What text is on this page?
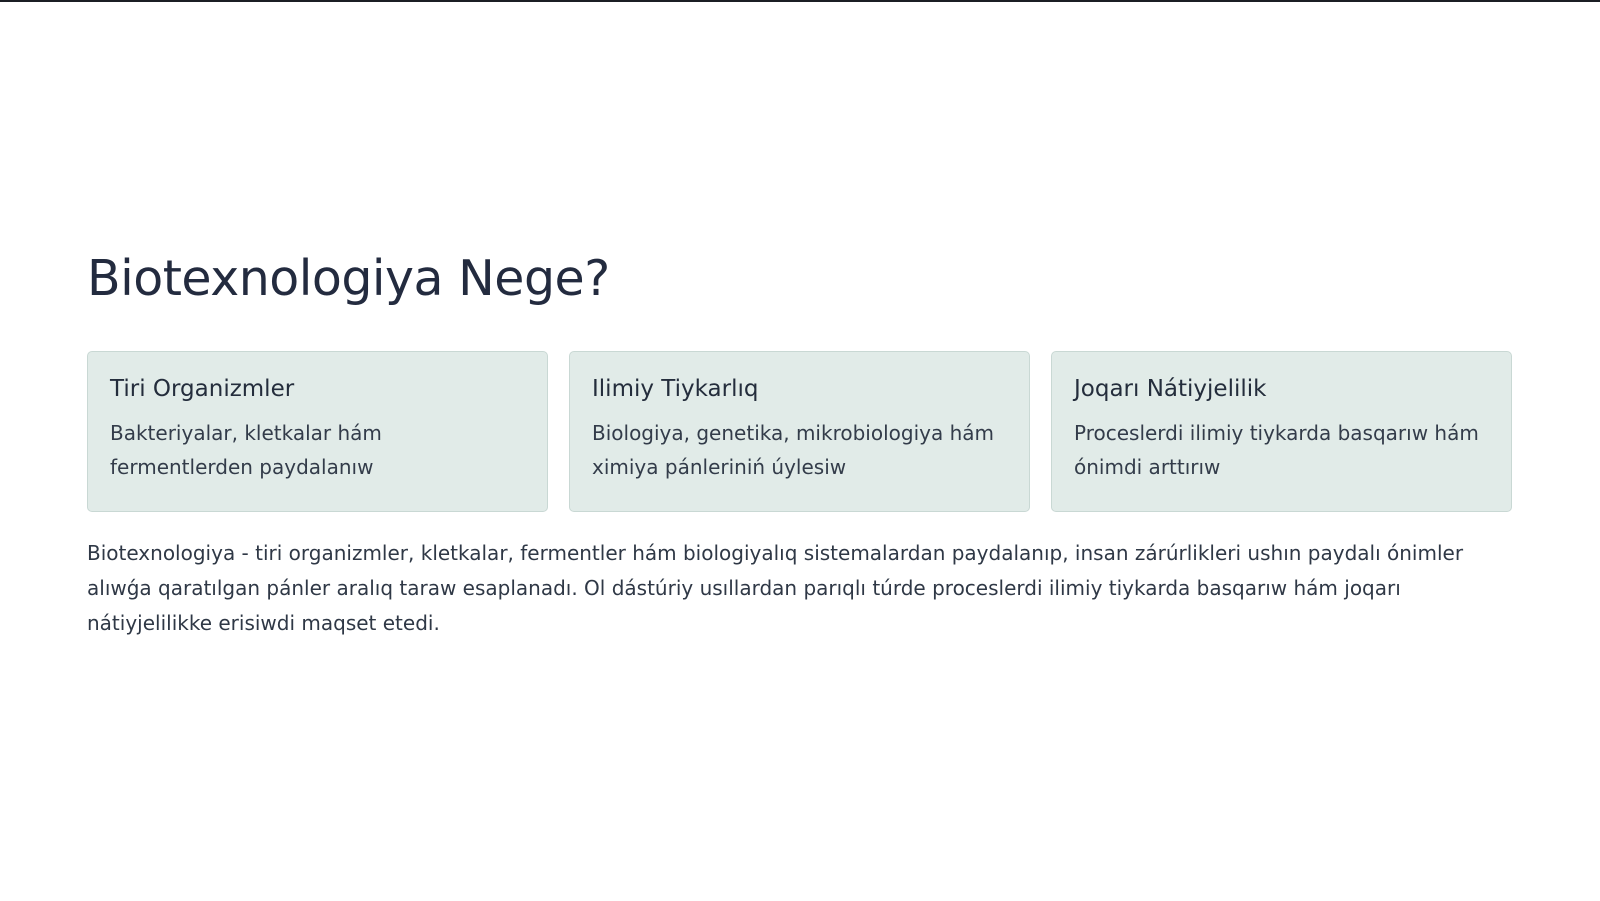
Biotexnologiya Nege?
Tiri Organizmler

Bakteriyalar, kletkalar hám fermentlerden paydalanıw

Ilimiy Tiykarlıq

Biologiya, genetika, mikrobiologiya hám ximiya pánleriniń úylesiw

Joqarı Nátiyjelilik

Proceslerdi ilimiy tiykarda basqarıw hám ónimdi arttırıw

Biotexnologiya - tiri organizmler, kletkalar, fermentler hám biologiyalıq sistemalardan paydalanıp, insan zárúrlikleri ushın paydalı ónimler alıwǵa qaratılgan pánler aralıq taraw esaplanadı. Ol dástúriy usıllardan parıqlı túrde proceslerdi ilimiy tiykarda basqarıw hám joqarı nátiyjelilikke erisiwdi maqset etedi.
